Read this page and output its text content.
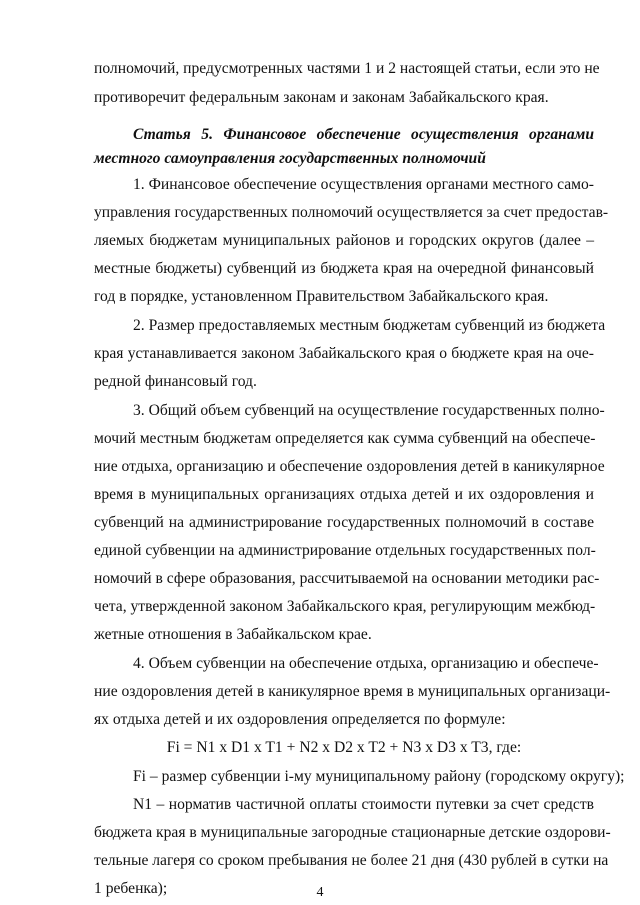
полномочий, предусмотренных частями 1 и 2 настоящей статьи, если это не
противоречит федеральным законам и законам Забайкальского края.
Статья 5. Финансовое обеспечение осуществления органами
местного самоуправления государственных полномочий
1. Финансовое обеспечение осуществления органами местного само-
управления государственных полномочий осуществляется за счет предостав-
ляемых бюджетам муниципальных районов и городских округов (далее –
местные бюджеты) субвенций из бюджета края на очередной финансовый
год в порядке, установленном Правительством Забайкальского края.
2. Размер предоставляемых местным бюджетам субвенций из бюджета
края устанавливается законом Забайкальского края о бюджете края на оче-
редной финансовый год.
3. Общий объем субвенций на осуществление государственных полно-
мочий местным бюджетам определяется как сумма субвенций на обеспече-
ние отдыха, организацию и обеспечение оздоровления детей в каникулярное
время в муниципальных организациях отдыха детей и их оздоровления и
субвенций на администрирование государственных полномочий в составе
единой субвенции на администрирование отдельных государственных пол-
номочий в сфере образования, рассчитываемой на основании методики рас-
чета, утвержденной законом Забайкальского края, регулирующим межбюд-
жетные отношения в Забайкальском крае.
4. Объем субвенции на обеспечение отдыха, организацию и обеспече-
ние оздоровления детей в каникулярное время в муниципальных организаци-
ях отдыха детей и их оздоровления определяется по формуле:
Fi = N1 x D1 x T1 + N2 x D2 x T2 + N3 x D3 x T3, где:
Fi – размер субвенции i-му муниципальному району (городскому округу);
N1 – норматив частичной оплаты стоимости путевки за счет средств
бюджета края в муниципальные загородные стационарные детские оздорови-
тельные лагеря со сроком пребывания не более 21 дня (430 рублей в сутки на
1 ребенка);	4
